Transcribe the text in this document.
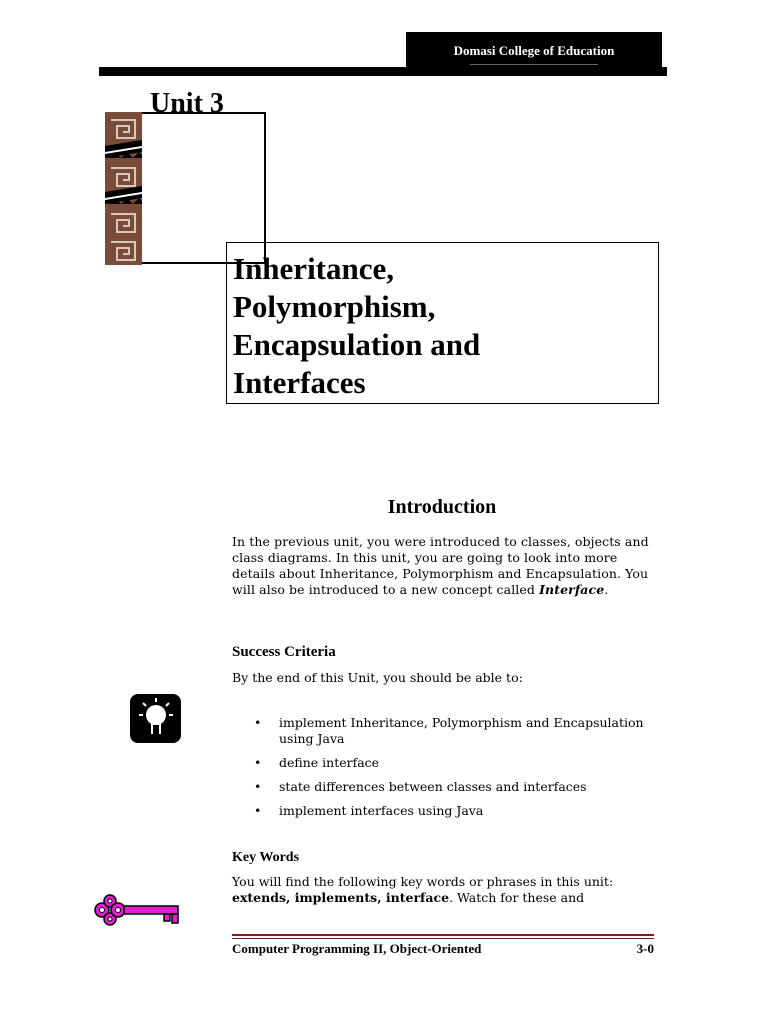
Domasi College of Education
Unit 3
Inheritance,
Polymorphism,
Encapsulation and
Interfaces
Introduction
In the previous unit, you were introduced to classes, objects and class diagrams. In this unit, you are going to look into more details about Inheritance, Polymorphism and Encapsulation. You will also be introduced to a new concept called Interface.
Success Criteria
By the end of this Unit, you should be able to:
• implement Inheritance, Polymorphism and Encapsulation using Java
• define interface
• state differences between classes and interfaces
• implement interfaces using Java
Key Words
You will find the following key words or phrases in this unit: extends, implements, interface. Watch for these and
Computer Programming II, Object-Oriented	3-0
